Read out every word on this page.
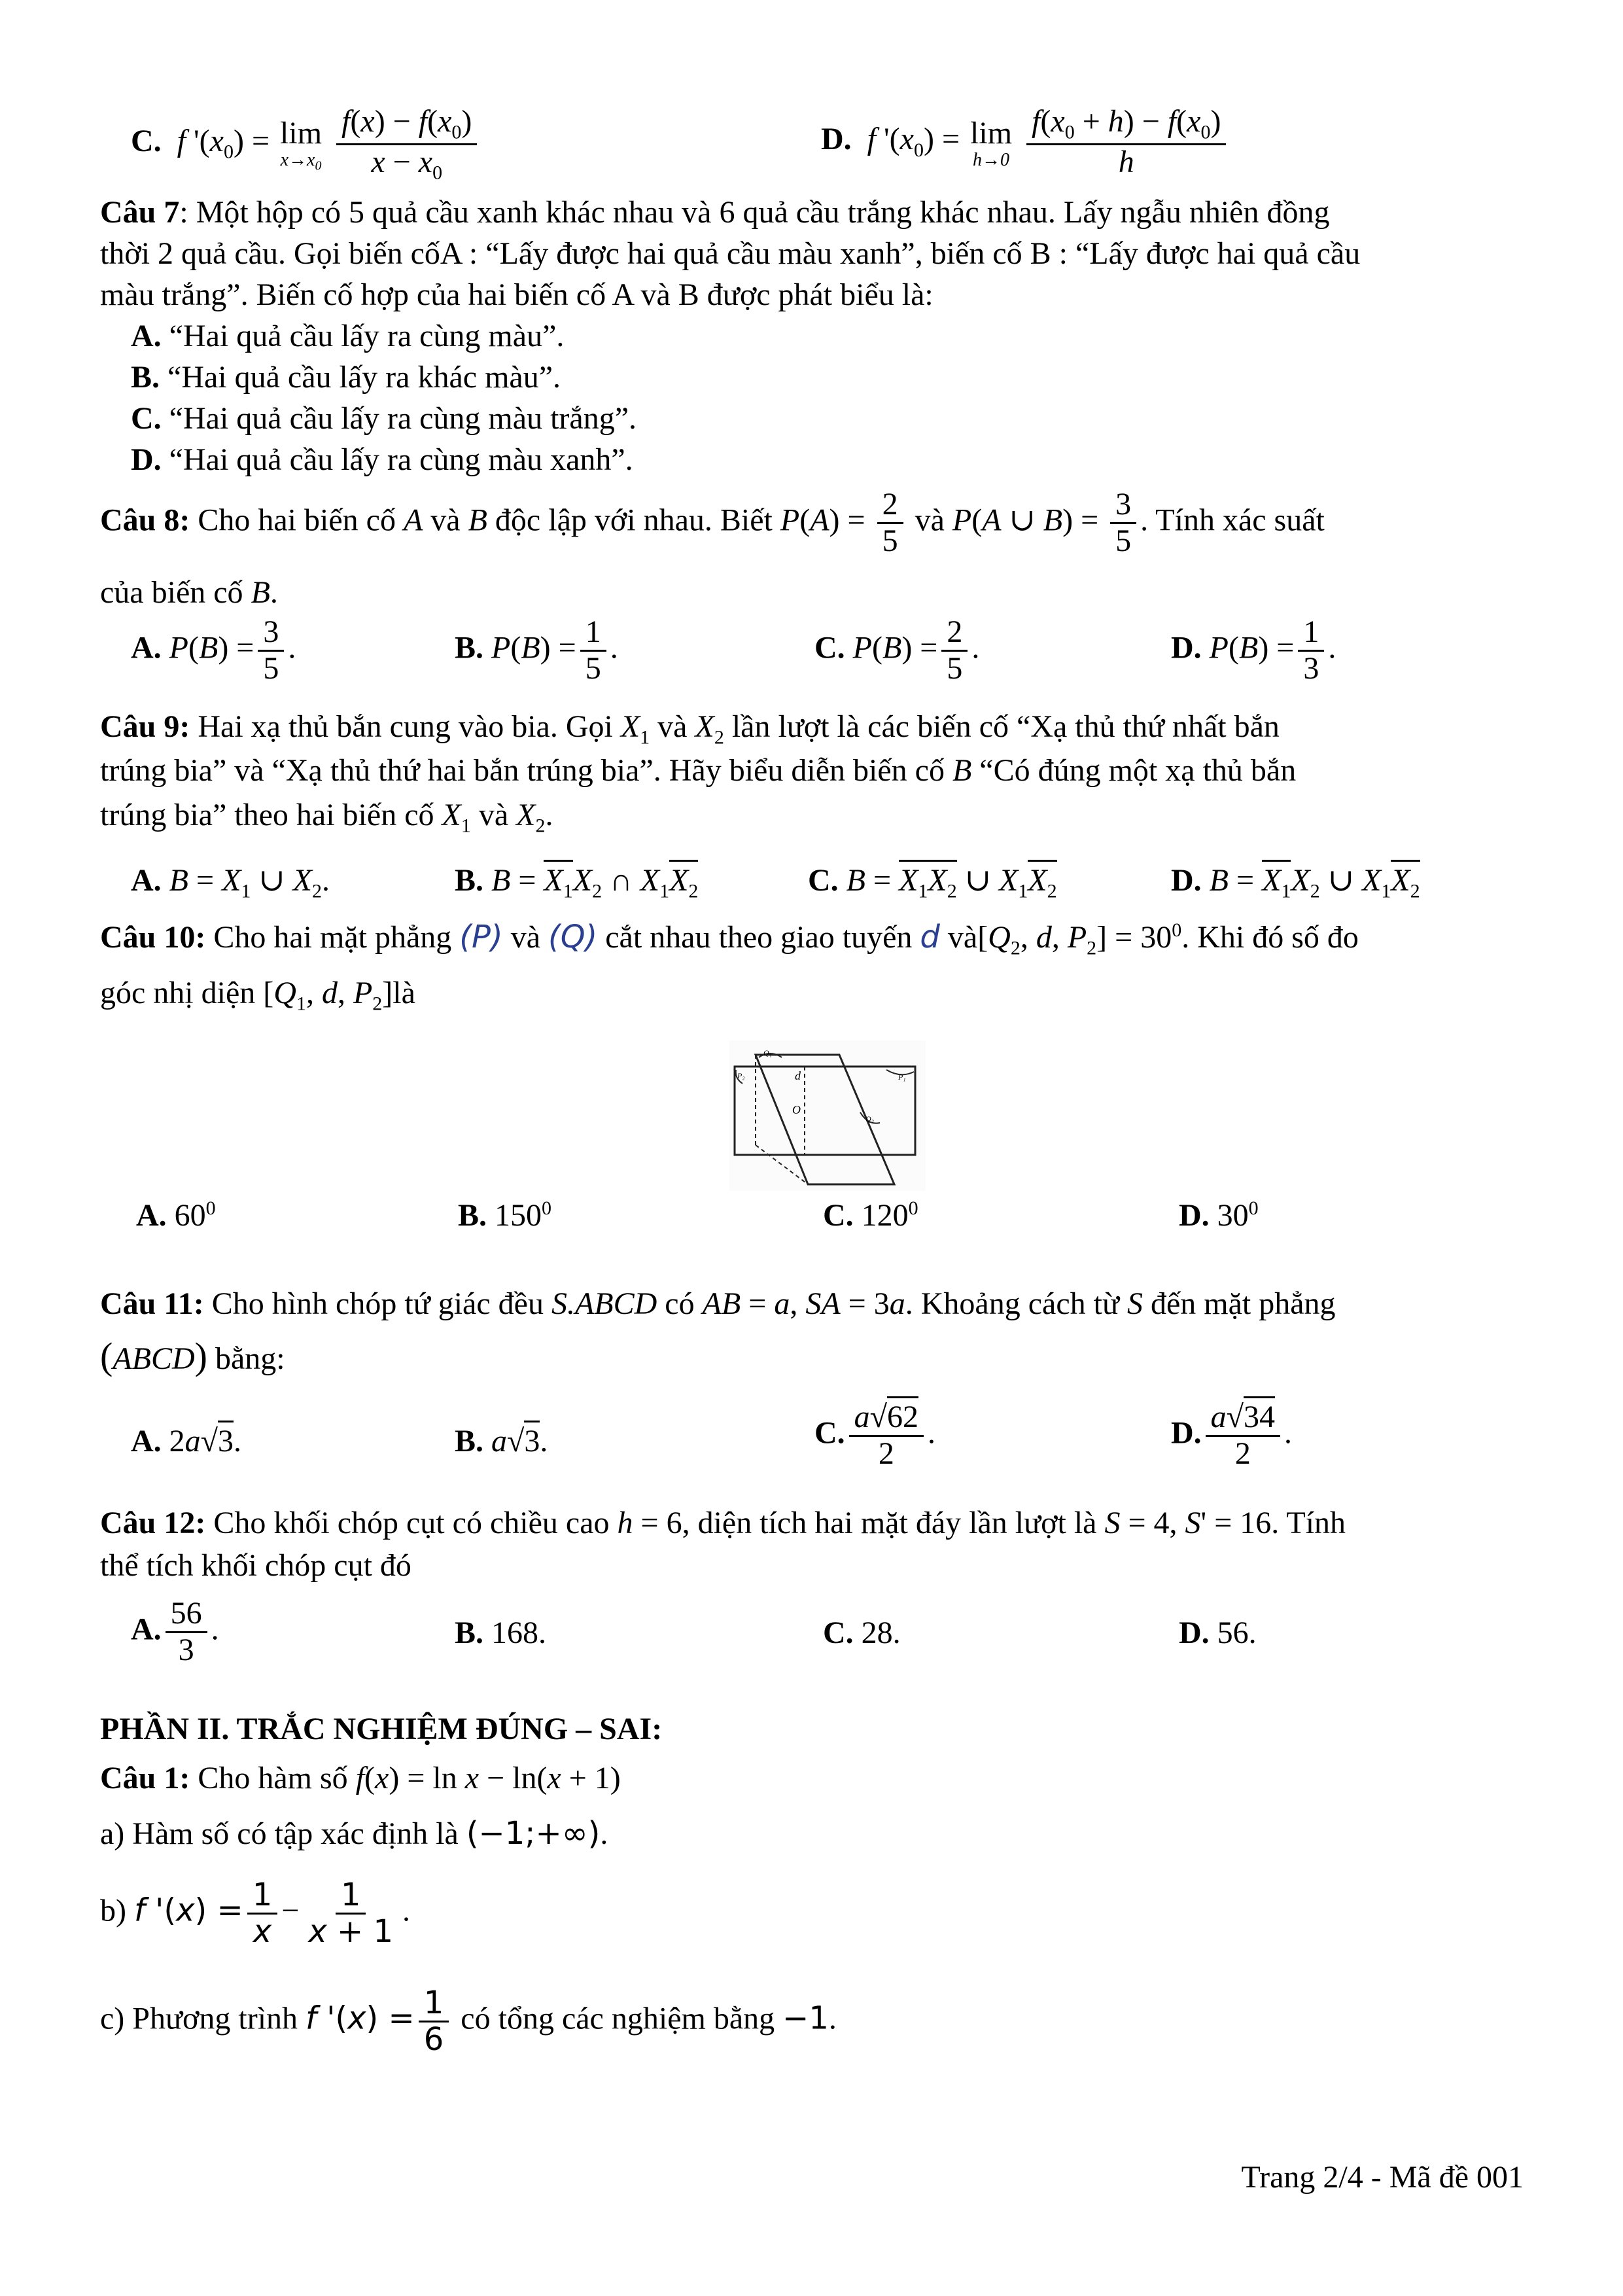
C. f '$(x_0) = \lim$
$x\to x_0$
$\frac{f(x) - f(x_0)}{x - x_0}$	D. f '$(x_0) = \lim$
h→0
$\frac{f(x_0 + h) - f(x_0)}{h}$
Câu 7: Một hộp có 5 quả cầu xanh khác nhau và 6 quả cầu trắng khác nhau. Lấy ngẫu nhiên đồng
thời 2 quả cầu. Gọi biến cốA : “Lấy được hai quả cầu màu xanh”, biến cố B : “Lấy được hai quả cầu
màu trắng”. Biến cố hợp của hai biến cố A và B được phát biểu là:
A. “Hai quả cầu lấy ra cùng màu”.
B. “Hai quả cầu lấy ra khác màu”.
C. “Hai quả cầu lấy ra cùng màu trắng”.
D. “Hai quả cầu lấy ra cùng màu xanh”.
Câu 8: Cho hai biến cố A và B độc lập với nhau. Biết $P(A) = \frac{2}{5}$ và P(A ∪ $B) = \frac{3}{5}$ . Tính xác suất
của biến cố B.
A. $P(B) = \frac{3}{5}$ .	B. $P(B) = \frac{1}{5}$ .	C. $P(B) = \frac{2}{5}$ .	D. $P(B) = \frac{1}{3}$ .
Câu 9: Hai xạ thủ bắn cung vào bia. Gọi $X_1$ và $X_2$ lần lượt là các biến cố “Xạ thủ thứ nhất bắn
trúng bia” và “Xạ thủ thứ hai bắn trúng bia”. Hãy biểu diễn biến cố B “Có đúng một xạ thủ bắn
trúng bia” theo hai biến cố $X_1$ và $X_2$.
A. $B = X_1$ ∪ $X_2$.	B. $B = X_1X_2$ ∩ $X_1X_2$	C. $B = X_1X_2$ ∪ $X_1X_2$	D. $B = X_1X_2$ ∪ $X_1X_2$
Câu 10: Cho hai mặt phẳng (P) và (Q) cắt nhau theo giao tuyến d $và[Q_2$, d, $P_2] = 30^0$. Khi đó số đo
góc nhị diện [$Q_1$, d, $P_2]là$
Q₁
P₂	P₁
Q₂
d
O
A. $60^0$	B. $150^0$	C. $120^0$	D. $30^0$
Câu 11: Cho hình chóp tứ giác đều S.ABCD có AB = a, SA = 3a. Khoảng cách từ S đến mặt phẳng
(ABCD) bằng:
A. 2a√3.	B. a√3.	C. $\frac{a√62}{2}$ .	D. $\frac{a√34}{2}$ .
Câu 12: Cho khối chóp cụt có chiều cao h = 6, diện tích hai mặt đáy lần lượt là S = 4, S' = 16. Tính
thể tích khối chóp cụt đó
A. $\frac{56}{3}$ .	B. 168.	C. 28.	D. 56.
PHẦN II. TRẮC NGHIỆM ĐÚNG – SAI:
Câu 1: Cho hàm số f(x) = ln x − ln(x + 1)
a) Hàm số có tập xác định là (−1;+∞).
b) f '$(x) = \frac{1}{x} - \frac{1}{x + 1}$ .
c) Phương trình f '$(x) = \frac{1}{6}$ có tổng các nghiệm bằng −1.
Trang 2/4 - Mã đề 001
